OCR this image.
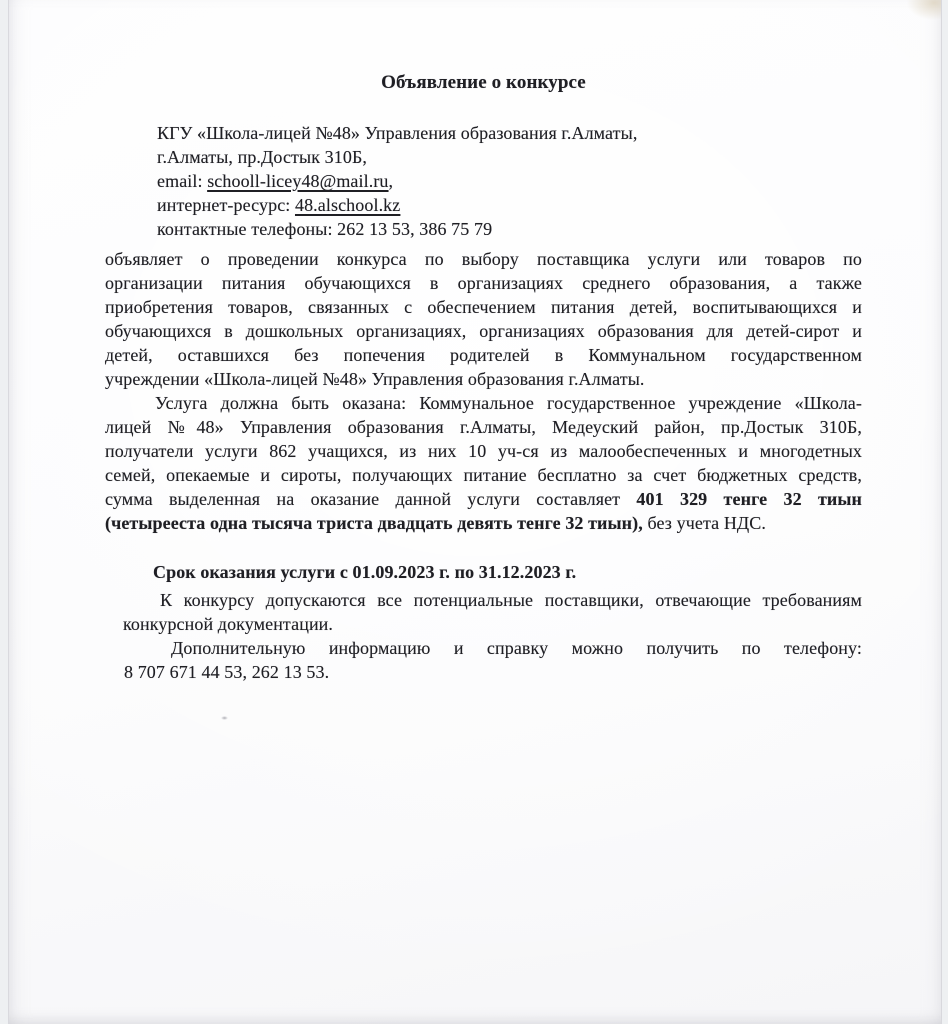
Объявление о конкурсе
КГУ «Школа-лицей №48» Управления образования г.Алматы,
г.Алматы, пр.Достык 310Б,
email: schooll-licey48@mail.ru,
интернет-ресурс: 48.alschool.kz
контактные телефоны: 262 13 53, 386 75 79
объявляет о проведении конкурса по выбору поставщика услуги или товаров по
организации питания обучающихся в организациях среднего образования, а также
приобретения товаров, связанных с обеспечением питания детей, воспитывающихся и
обучающихся в дошкольных организациях, организациях образования для детей-сирот и
детей, оставшихся без попечения родителей в Коммунальном государственном
учреждении «Школа-лицей №48» Управления образования г.Алматы.
Услуга должна быть оказана: Коммунальное государственное учреждение «Школа-
лицей №48» Управления образования г.Алматы, Медеуский район, пр.Достык 310Б,
получатели услуги 862 учащихся, из них 10 уч-ся из малообеспеченных и многодетных
семей, опекаемые и сироты, получающих питание бесплатно за счет бюджетных средств,
сумма выделенная на оказание данной услуги составляет 401 329 тенге 32 тиын
(четырееста одна тысяча триста двадцать девять тенге 32 тиын), без учета НДС.
Срок оказания услуги с 01.09.2023 г. по 31.12.2023 г.
К конкурсу допускаются все потенциальные поставщики, отвечающие требованиям
конкурсной документации.
Дополнительную информацию и справку можно получить по телефону:
8 707 671 44 53, 262 13 53.
